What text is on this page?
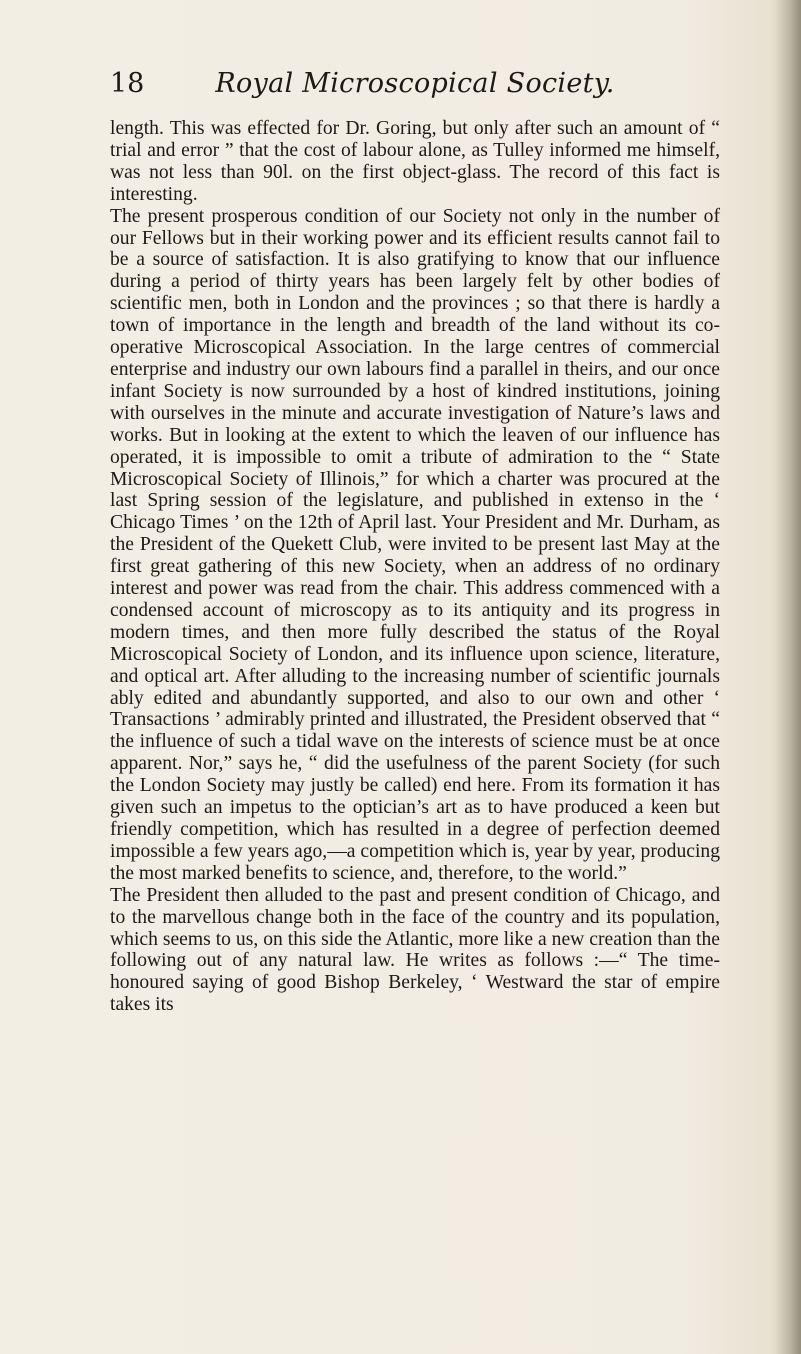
18	Royal Microscopical Society.

length. This was effected for Dr. Goring, but only after such an amount of “ trial and error ” that the cost of labour alone, as Tulley informed me himself, was not less than 90l. on the first object-glass. The record of this fact is interesting.

The present prosperous condition of our Society not only in the number of our Fellows but in their working power and its efficient results cannot fail to be a source of satisfaction. It is also gratifying to know that our influence during a period of thirty years has been largely felt by other bodies of scientific men, both in London and the provinces ; so that there is hardly a town of importance in the length and breadth of the land without its co-operative Microscopical Association. In the large centres of commercial enterprise and industry our own labours find a parallel in theirs, and our once infant Society is now surrounded by a host of kindred institutions, joining with ourselves in the minute and accurate investigation of Nature’s laws and works. But in looking at the extent to which the leaven of our influence has operated, it is impossible to omit a tribute of admiration to the “ State Microscopical Society of Illinois,” for which a charter was procured at the last Spring session of the legislature, and published in extenso in the ‘ Chicago Times ’ on the 12th of April last. Your President and Mr. Durham, as the President of the Quekett Club, were invited to be present last May at the first great gathering of this new Society, when an address of no ordinary interest and power was read from the chair. This address commenced with a condensed account of microscopy as to its antiquity and its progress in modern times, and then more fully described the status of the Royal Microscopical Society of London, and its influence upon science, literature, and optical art. After alluding to the increasing number of scientific journals ably edited and abundantly supported, and also to our own and other ‘ Transactions ’ admirably printed and illustrated, the President observed that “ the influence of such a tidal wave on the interests of science must be at once apparent. Nor,” says he, “ did the usefulness of the parent Society (for such the London Society may justly be called) end here. From its formation it has given such an impetus to the optician’s art as to have produced a keen but friendly competition, which has resulted in a degree of perfection deemed impossible a few years ago,—a competition which is, year by year, producing the most marked benefits to science, and, therefore, to the world.”

The President then alluded to the past and present condition of Chicago, and to the marvellous change both in the face of the country and its population, which seems to us, on this side the Atlantic, more like a new creation than the following out of any natural law. He writes as follows :—“ The time-honoured saying of good Bishop Berkeley, ‘ Westward the star of empire takes its
